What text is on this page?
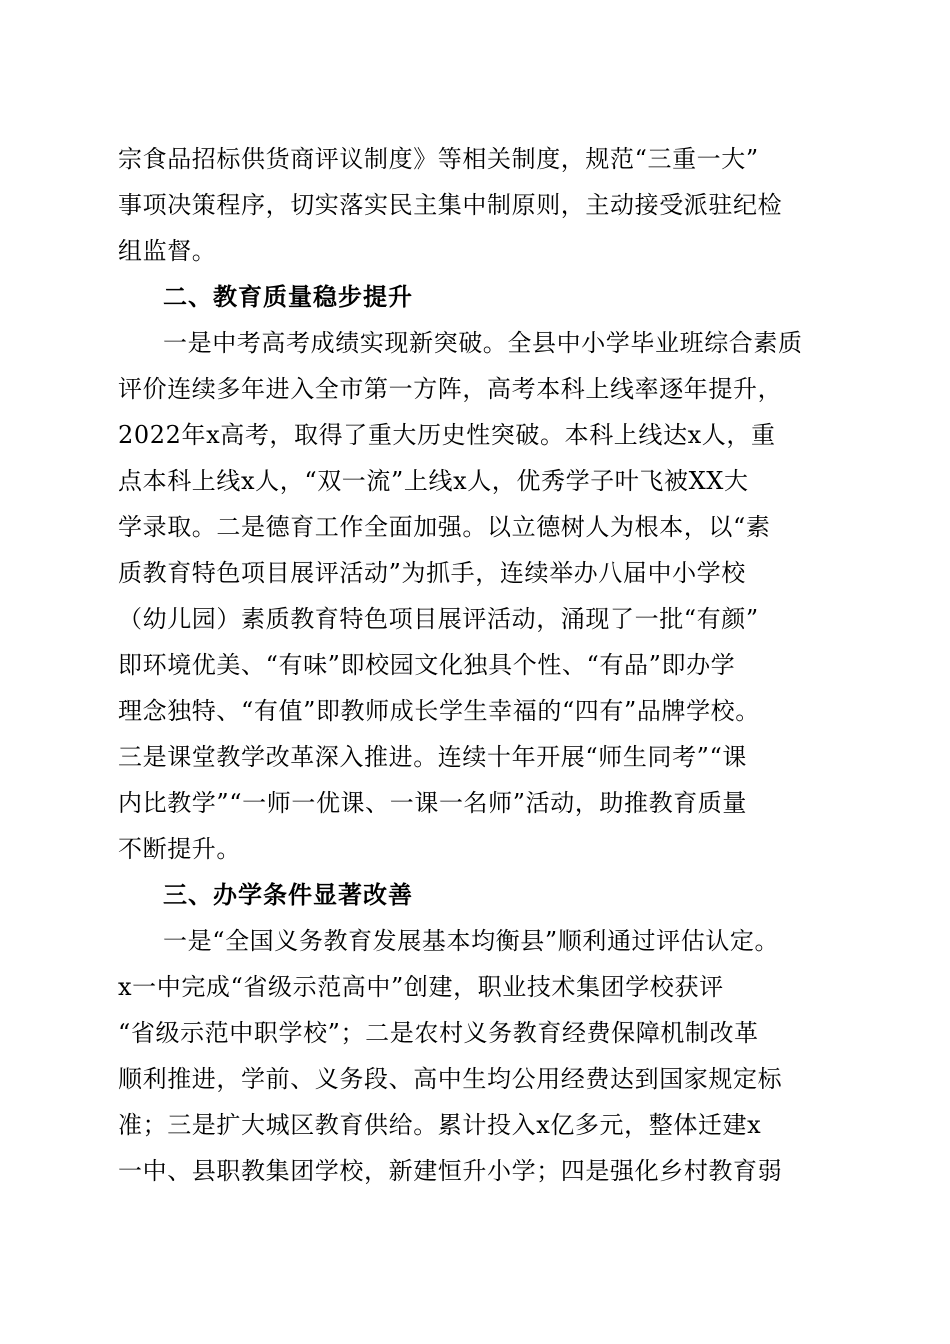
宗食品招标供货商评议制度》等相关制度，规范“三重一大”
事项决策程序，切实落实民主集中制原则，主动接受派驻纪检
组监督。
二、教育质量稳步提升
一是中考高考成绩实现新突破。全县中小学毕业班综合素质
评价连续多年进入全市第一方阵，高考本科上线率逐年提升，
2022年x高考，取得了重大历史性突破。本科上线达x人，重
点本科上线x人，“双一流”上线x人，优秀学子叶飞被XX大
学录取。二是德育工作全面加强。以立德树人为根本，以“素
质教育特色项目展评活动”为抓手，连续举办八届中小学校
（幼儿园）素质教育特色项目展评活动，涌现了一批“有颜”
即环境优美、“有味”即校园文化独具个性、“有品”即办学
理念独特、“有值”即教师成长学生幸福的“四有”品牌学校。
三是课堂教学改革深入推进。连续十年开展“师生同考”“课
内比教学”“一师一优课、一课一名师”活动，助推教育质量
不断提升。
三、办学条件显著改善
一是“全国义务教育发展基本均衡县”顺利通过评估认定。
x一中完成“省级示范高中”创建，职业技术集团学校获评
“省级示范中职学校”；二是农村义务教育经费保障机制改革
顺利推进，学前、义务段、高中生均公用经费达到国家规定标
准；三是扩大城区教育供给。累计投入x亿多元，整体迁建x
一中、县职教集团学校，新建恒升小学；四是强化乡村教育弱
